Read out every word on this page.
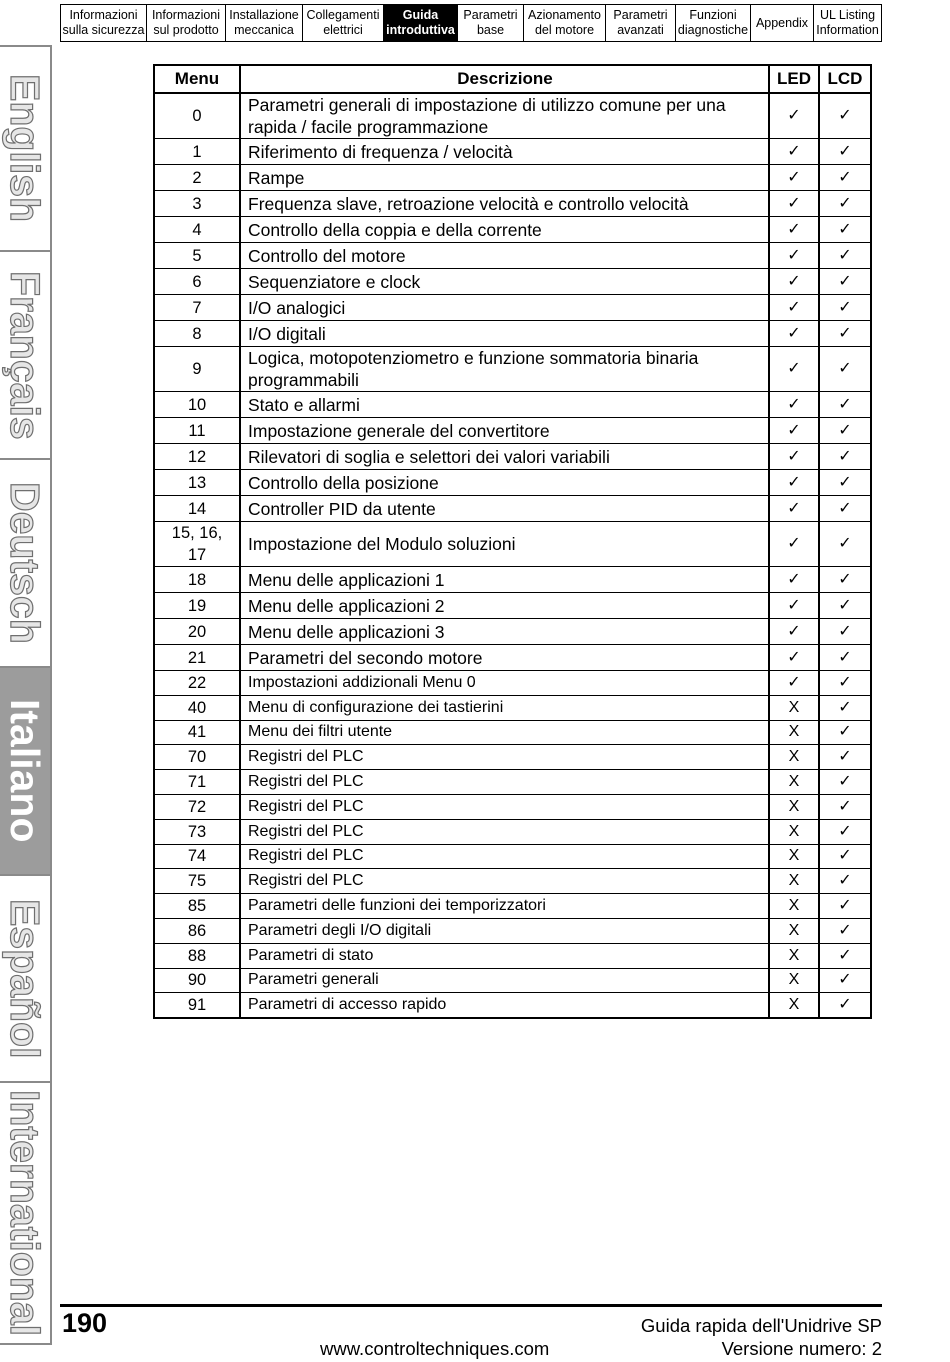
Informazioni
sulla sicurezza
Informazioni
sul prodotto
Installazione
meccanica
Collegamenti
elettrici
Guida
introduttiva
Parametri
base
Azionamento
del motore
Parametri
avanzati
Funzioni
diagnostiche
Appendix
UL Listing
Information
English
Français
Deutsch
Italiano
Español
International
Menu	Descrizione	LED	LCD
0	Parametri generali di impostazione di utilizzo comune per una rapida / facile programmazione	✓	✓
1	Riferimento di frequenza / velocità	✓	✓
2	Rampe	✓	✓
3	Frequenza slave, retroazione velocità e controllo velocità	✓	✓
4	Controllo della coppia e della corrente	✓	✓
5	Controllo del motore	✓	✓
6	Sequenziatore e clock	✓	✓
7	I/O analogici	✓	✓
8	I/O digitali	✓	✓
9	Logica, motopotenziometro e funzione sommatoria binaria programmabili	✓	✓
10	Stato e allarmi	✓	✓
11	Impostazione generale del convertitore	✓	✓
12	Rilevatori di soglia e selettori dei valori variabili	✓	✓
13	Controllo della posizione	✓	✓
14	Controller PID da utente	✓	✓
15, 16, 17	Impostazione del Modulo soluzioni	✓	✓
18	Menu delle applicazioni 1	✓	✓
19	Menu delle applicazioni 2	✓	✓
20	Menu delle applicazioni 3	✓	✓
21	Parametri del secondo motore	✓	✓
22	Impostazioni addizionali Menu 0	✓	✓
40	Menu di configurazione dei tastierini	X	✓
41	Menu dei filtri utente	X	✓
70	Registri del PLC	X	✓
71	Registri del PLC	X	✓
72	Registri del PLC	X	✓
73	Registri del PLC	X	✓
74	Registri del PLC	X	✓
75	Registri del PLC	X	✓
85	Parametri delle funzioni dei temporizzatori	X	✓
86	Parametri degli I/O digitali	X	✓
88	Parametri di stato	X	✓
90	Parametri generali	X	✓
91	Parametri di accesso rapido	X	✓
190	Guida rapida dell'Unidrive SP
www.controltechniques.com	Versione numero: 2
